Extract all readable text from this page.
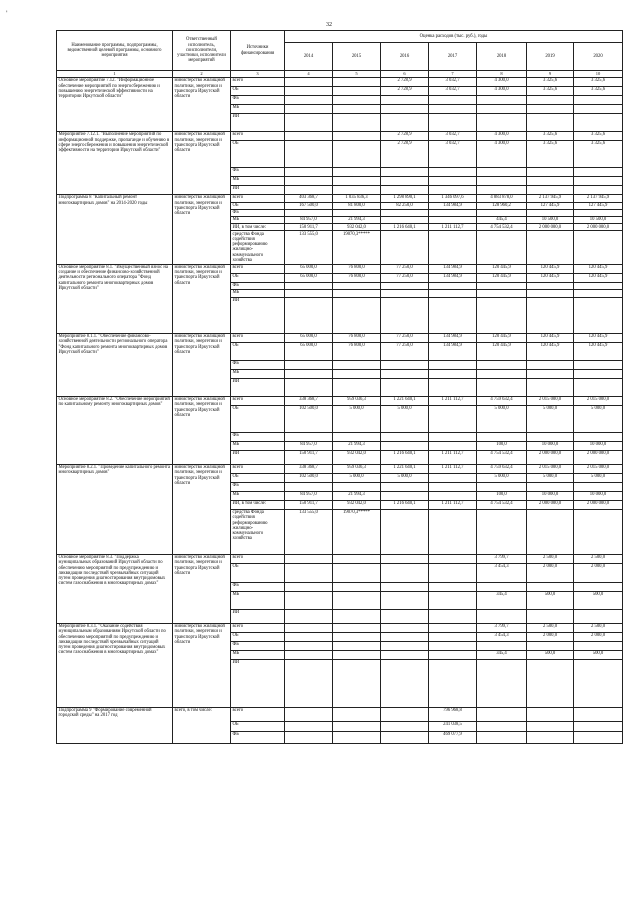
'
32
Наименование программы, подпрограммы, ведомственной целевой программы, основного мероприятия	Ответственный исполнитель, соисполнители, участники, исполнители мероприятий	Источники финансирования	Оценка расходов (тыс. руб.), годы						
			2014	2015	2016	2017	2018	2019	2020
1	2	3	4	5	6	7	8	9	10
Основное мероприятие 7.12. "Информационное обеспечение мероприятий по энергосбережению и повышению энергетической эффективности на территории Иркутской области"	министерство жилищной политики, энергетики и транспорта Иркутской области	всего			2 728,9	3 032,7	4 300,0	3 325,6	3 325,6
		ОБ			2 728,9	3 032,7	4 300,0	3 325,6	3 325,6
		ФБ							
		МБ							
		ИИ							
Мероприятие 7.12.1. "Выполнение мероприятий по информационной поддержке, пропаганде и обучению в сфере энергосбережения и повышения энергетической эффективности на территории Иркутской области"	министерство жилищной политики, энергетики и транспорта Иркутской области	всего			2 728,9	3 032,7	4 300,0	3 325,6	3 325,6
		ОБ			2 728,9	3 032,7	4 300,0	3 325,6	3 325,6
		ФБ							
		МБ							
		ИИ							
Подпрограмма 8 "Капитальный ремонт многоквартирных домов" на 2014-2020 годы	министерство жилищной политики, энергетики и транспорта Иркутской области	всего	403 368,7	1 035 836,3	1 298 890,1	1 346 097,6	4 883 878,0	2 137 945,9	2 137 945,9
		ОБ	167 500,0	81 800,0	82 250,0	134 984,9	128 960,2	127 445,9	127 445,9
		ФБ							
		МБ	84 957,0	21 994,3			445,4	10 500,0	10 500,0
		ИИ, в том числе:	150 911,7	932 042,0	1 216 640,1	1 211 112,7	4 754 532,4	2 000 000,0	2 000 000,0
		средства Фонда содействия реформированию жилищно-коммунального хозяйства	133 555,0	19070,3*****					
Основное мероприятие 8.1. "Имущественный взнос на создание и обеспечение финансово-хозяйственной деятельности регионального оператора "Фонд капитального ремонта многоквартирных домов Иркутской области"	министерство жилищной политики, энергетики и транспорта Иркутской области	всего	65 000,0	76 800,0	77 250,0	134 984,9	120 445,9	120 445,9	120 445,9
		ОБ	65 000,0	76 800,0	77 250,0	134 984,9	120 445,9	120 445,9	120 445,9
		ФБ							
		МБ							
		ИИ							
Мероприятие 8.1.1. "Обеспечение финансово-хозяйственной деятельности регионального оператора "Фонд капитального ремонта многоквартирных домов Иркутской области"	министерство жилищной политики, энергетики и транспорта Иркутской области	всего	65 000,0	76 800,0	77 250,0	134 984,9	120 445,9	120 445,9	120 445,9
		ОБ	65 000,0	76 800,0	77 250,0	134 984,9	120 445,9	120 445,9	120 445,9
		ФБ							
		МБ							
		ИИ							
Основное мероприятие 8.2. "Обеспечение мероприятий по капитальному ремонту многоквартирных домов"	министерство жилищной политики, энергетики и транспорта Иркутской области	всего	338 368,7	959 036,3	1 221 640,1	1 211 112,7	4 759 632,4	2 015 000,0	2 015 000,0
		ОБ	102 500,0	5 000,0	5 000,0		5 000,0	5 000,0	5 000,0
		ФБ							
		МБ	84 957,0	21 994,3			100,0	10 000,0	10 000,0
		ИИ	150 911,7	932 042,0	1 216 640,1	1 211 112,7	4 754 532,4	2 000 000,0	2 000 000,0
Мероприятие 8.2.1. "Проведение капитального ремонта многоквартирных домов"	министерство жилищной политики, энергетики и транспорта Иркутской области	всего	338 368,7	959 036,3	1 221 640,1	1 211 112,7	4 759 632,4	2 015 000,0	2 015 000,0
		ОБ	102 500,0	5 000,0	5 000,0		5 000,0	5 000,0	5 000,0
		ФБ							
		МБ	84 957,0	21 994,3			100,0	10 000,0	10 000,0
		ИИ, в том числе:	150 911,7	932 042,0	1 216 640,1	1 211 112,7	4 754 532,4	2 000 000,0	2 000 000,0
		средства Фонда содействия реформированию жилищно-коммунального хозяйства	133 555,0	19070,3*****					
Основное мероприятие 8.3. "Поддержка муниципальных образований Иркутской области по обеспечению мероприятий по предупреждению и ликвидации последствий чрезвычайных ситуаций путем проведения диагностирования внутридомовых систем газоснабжения в многоквартирных домах"	министерство жилищной политики, энергетики и транспорта Иркутской области	всего					3 799,7	2 500,0	2 500,0
		ОБ					3 454,3	2 000,0	2 000,0
		ФБ							
		МБ					345,4	500,0	500,0
		ИИ							
Мероприятие 8.3.1. "Оказание содействия муниципальным образованиям Иркутской области по обеспечению мероприятий по предупреждению и ликвидации последствий чрезвычайных ситуаций путем проведения диагностирования внутридомовых систем газоснабжения в многоквартирных домах"	министерство жилищной политики, энергетики и транспорта Иркутской области	всего					3 799,7	2 500,0	2 500,0
		ОБ					3 454,3	2 000,0	2 000,0
		ФБ							
		МБ					345,4	500,0	500,0
		ИИ							
Подпрограмма 9 "Формирование современной городской среды" на 2017 год	всего, в том числе:	всего				796 968,8			
		ОБ				241 038,5			
		ФБ				469 077,9			
